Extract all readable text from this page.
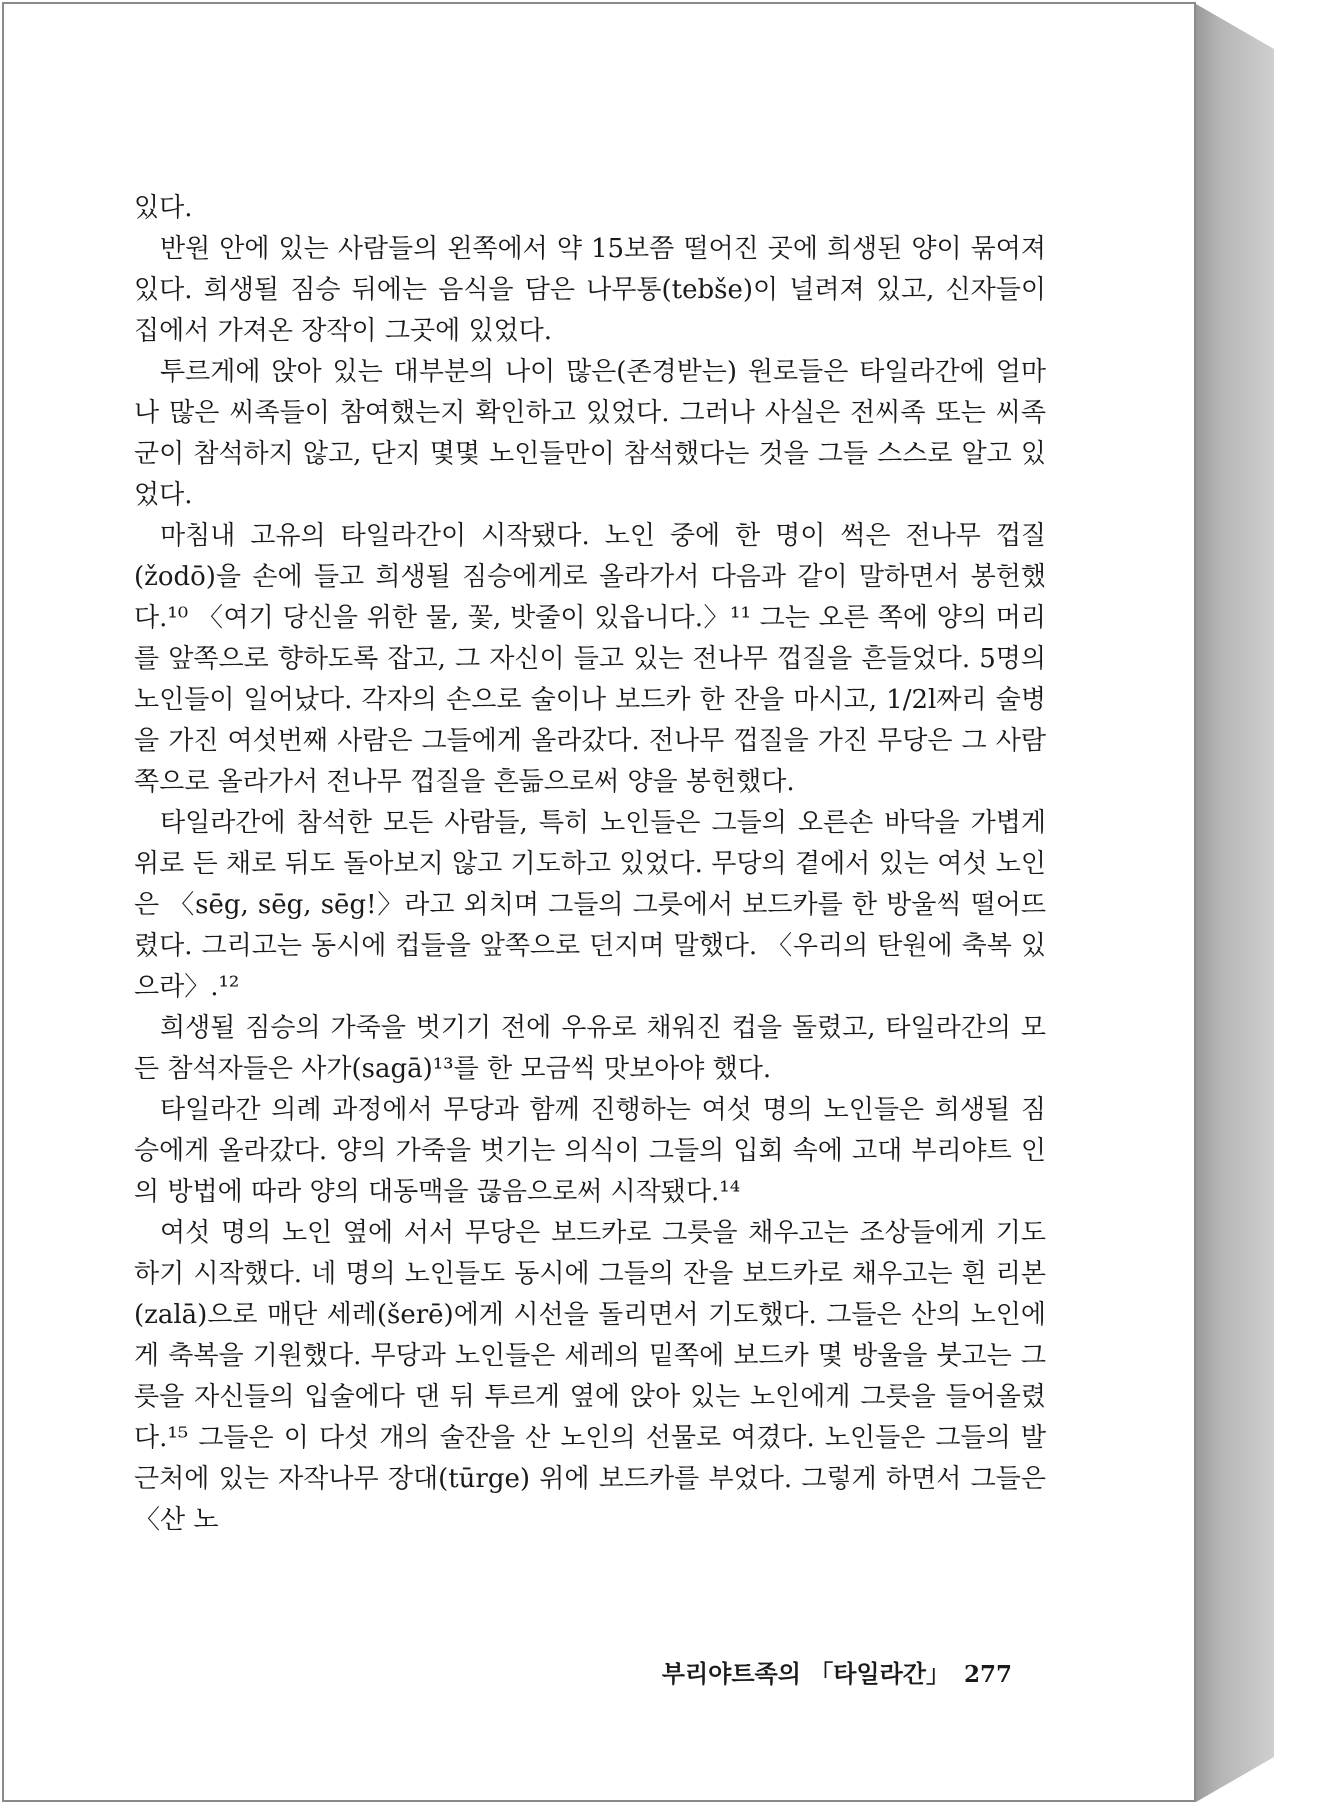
있다.

반원 안에 있는 사람들의 왼쪽에서 약 15보쯤 떨어진 곳에 희생된 양이 묶여져 있다. 희생될 짐승 뒤에는 음식을 담은 나무통(tebše)이 널려져 있고, 신자들이 집에서 가져온 장작이 그곳에 있었다.

투르게에 앉아 있는 대부분의 나이 많은(존경받는) 원로들은 타일라간에 얼마나 많은 씨족들이 참여했는지 확인하고 있었다. 그러나 사실은 전씨족 또는 씨족군이 참석하지 않고, 단지 몇몇 노인들만이 참석했다는 것을 그들 스스로 알고 있었다.

마침내 고유의 타일라간이 시작됐다. 노인 중에 한 명이 썩은 전나무 껍질(žodō)을 손에 들고 희생될 짐승에게로 올라가서 다음과 같이 말하면서 봉헌했다.¹⁰ 〈여기 당신을 위한 물, 꽃, 밧줄이 있읍니다.〉¹¹ 그는 오른 쪽에 양의 머리를 앞쪽으로 향하도록 잡고, 그 자신이 들고 있는 전나무 껍질을 흔들었다. 5명의 노인들이 일어났다. 각자의 손으로 술이나 보드카 한 잔을 마시고, 1/2l짜리 술병을 가진 여섯번째 사람은 그들에게 올라갔다. 전나무 껍질을 가진 무당은 그 사람 쪽으로 올라가서 전나무 껍질을 흔듦으로써 양을 봉헌했다.

타일라간에 참석한 모든 사람들, 특히 노인들은 그들의 오른손 바닥을 가볍게 위로 든 채로 뒤도 돌아보지 않고 기도하고 있었다. 무당의 곁에서 있는 여섯 노인은 〈sēg, sēg, sēg!〉라고 외치며 그들의 그릇에서 보드카를 한 방울씩 떨어뜨렸다. 그리고는 동시에 컵들을 앞쪽으로 던지며 말했다. 〈우리의 탄원에 축복 있으라〉.¹²

희생될 짐승의 가죽을 벗기기 전에 우유로 채워진 컵을 돌렸고, 타일라간의 모든 참석자들은 사가(sagā)¹³를 한 모금씩 맛보아야 했다.

타일라간 의례 과정에서 무당과 함께 진행하는 여섯 명의 노인들은 희생될 짐승에게 올라갔다. 양의 가죽을 벗기는 의식이 그들의 입회 속에 고대 부리야트 인의 방법에 따라 양의 대동맥을 끊음으로써 시작됐다.¹⁴

여섯 명의 노인 옆에 서서 무당은 보드카로 그릇을 채우고는 조상들에게 기도하기 시작했다. 네 명의 노인들도 동시에 그들의 잔을 보드카로 채우고는 흰 리본(zalā)으로 매단 세레(šerē)에게 시선을 돌리면서 기도했다. 그들은 산의 노인에게 축복을 기원했다. 무당과 노인들은 세레의 밑쪽에 보드카 몇 방울을 붓고는 그릇을 자신들의 입술에다 댄 뒤 투르게 옆에 앉아 있는 노인에게 그릇을 들어올렸다.¹⁵ 그들은 이 다섯 개의 술잔을 산 노인의 선물로 여겼다. 노인들은 그들의 발 근처에 있는 자작나무 장대(tūrge) 위에 보드카를 부었다. 그렇게 하면서 그들은 〈산 노

부리야트족의 「타일라간」 277
